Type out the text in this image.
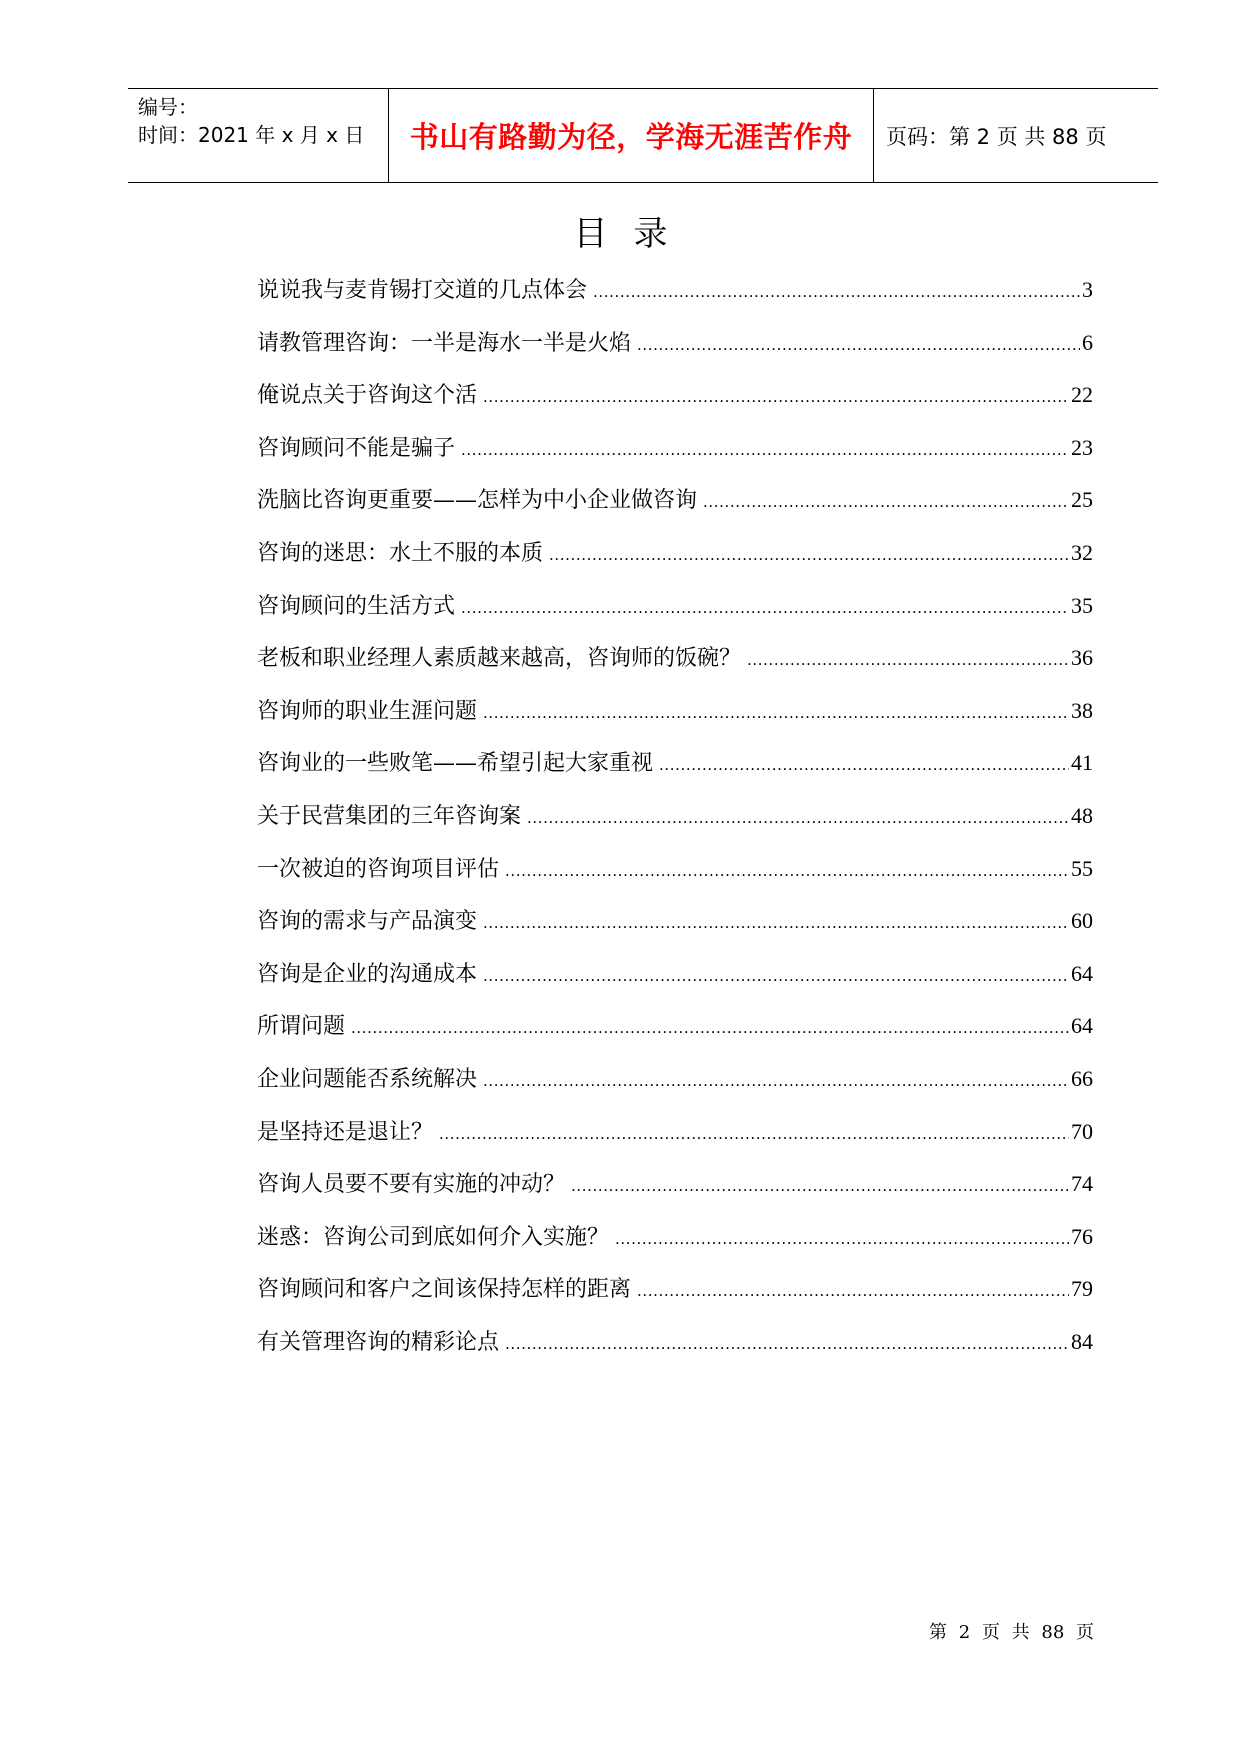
编号：
时间：2021 年 x 月 x 日	书山有路勤为径，学海无涯苦作舟	页码：第 2 页 共 88 页
目录
说说我与麦肯锡打交道的几点体会 .....	3
请教管理咨询：一半是海水一半是火焰 .....	6
俺说点关于咨询这个活 .....	22
咨询顾问不能是骗子 .....	23
洗脑比咨询更重要——怎样为中小企业做咨询 .....	25
咨询的迷思：水土不服的本质 .....	32
咨询顾问的生活方式 .....	35
老板和职业经理人素质越来越高，咨询师的饭碗？ .....	36
咨询师的职业生涯问题 .....	38
咨询业的一些败笔——希望引起大家重视 .....	41
关于民营集团的三年咨询案 .....	48
一次被迫的咨询项目评估 .....	55
咨询的需求与产品演变 .....	60
咨询是企业的沟通成本 .....	64
所谓问题 .....	64
企业问题能否系统解决 .....	66
是坚持还是退让？ .....	70
咨询人员要不要有实施的冲动？ .....	74
迷惑：咨询公司到底如何介入实施？ .....	76
咨询顾问和客户之间该保持怎样的距离 .....	79
有关管理咨询的精彩论点 .....	84
第 2 页 共 88 页
